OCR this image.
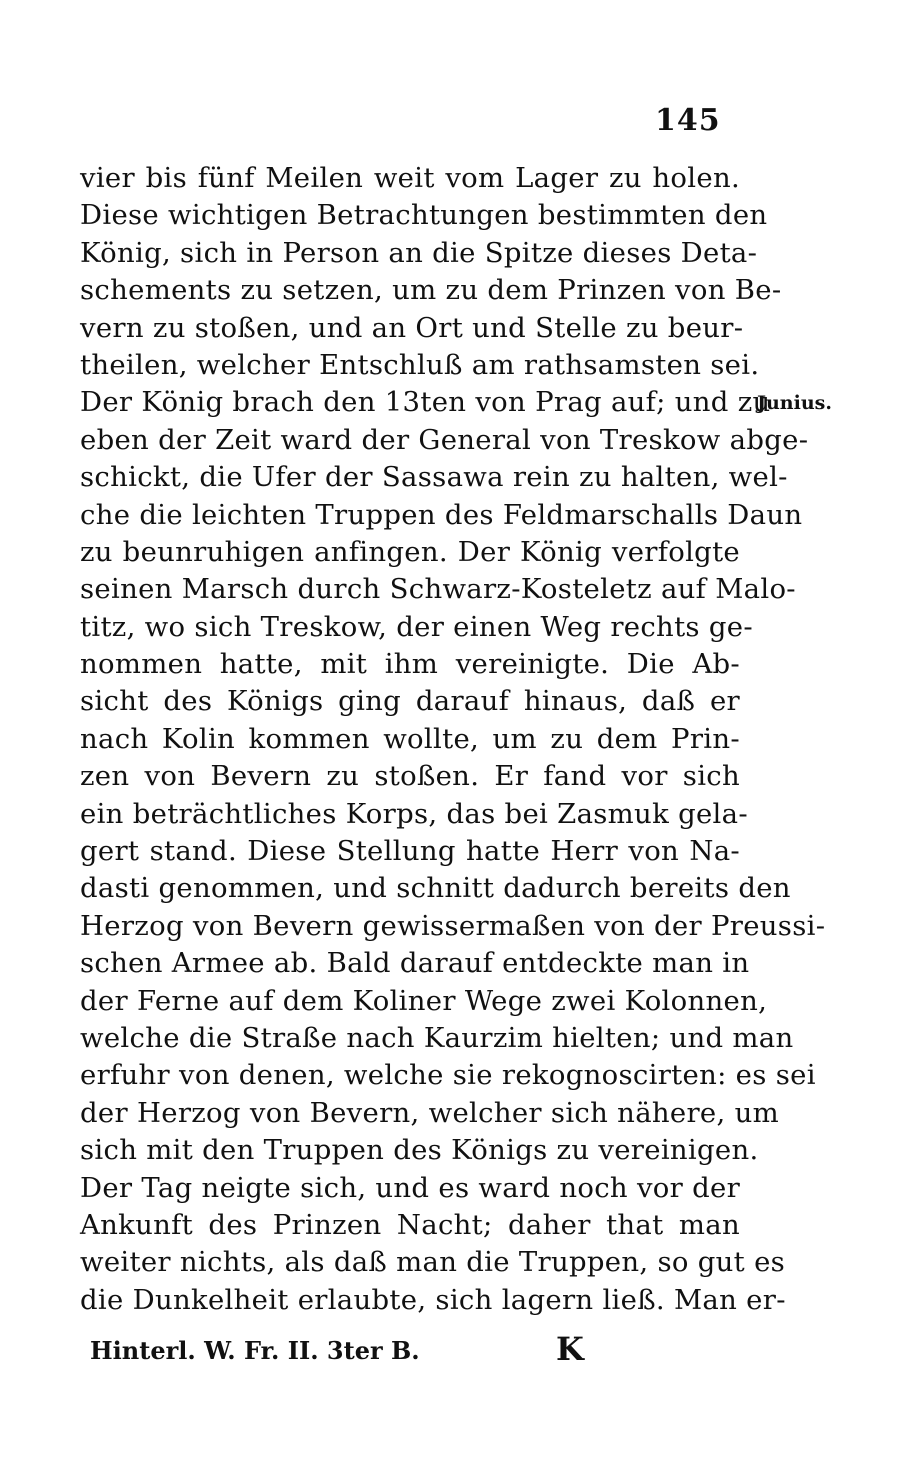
145
vier bis fünf Meilen weit vom Lager zu holen.
Diese wichtigen Betrachtungen bestimmten den
König, sich in Person an die Spitze dieses Deta-
schements zu setzen, um zu dem Prinzen von Be-
vern zu stoßen, und an Ort und Stelle zu beur-
theilen, welcher Entschluß am rathsamsten sei.
Der König brach den 13ten von Prag auf; und zu
eben der Zeit ward der General von Treskow abge-
schickt, die Ufer der Sassawa rein zu halten, wel-
che die leichten Truppen des Feldmarschalls Daun
zu beunruhigen anfingen. Der König verfolgte
seinen Marsch durch Schwarz-Kosteletz auf Malo-
titz, wo sich Treskow, der einen Weg rechts ge-
nommen hatte, mit ihm vereinigte. Die Ab-
sicht des Königs ging darauf hinaus, daß er
nach Kolin kommen wollte, um zu dem Prin-
zen von Bevern zu stoßen. Er fand vor sich
ein beträchtliches Korps, das bei Zasmuk gela-
gert stand. Diese Stellung hatte Herr von Na-
dasti genommen, und schnitt dadurch bereits den
Herzog von Bevern gewissermaßen von der Preussi-
schen Armee ab. Bald darauf entdeckte man in
der Ferne auf dem Koliner Wege zwei Kolonnen,
welche die Straße nach Kaurzim hielten; und man
erfuhr von denen, welche sie rekognoscirten: es sei
der Herzog von Bevern, welcher sich nähere, um
sich mit den Truppen des Königs zu vereinigen.
Der Tag neigte sich, und es ward noch vor der
Ankunft des Prinzen Nacht; daher that man
weiter nichts, als daß man die Truppen, so gut es
die Dunkelheit erlaubte, sich lagern ließ. Man er-
Junius.
Hinterl. W. Fr. II. 3ter B.	K
